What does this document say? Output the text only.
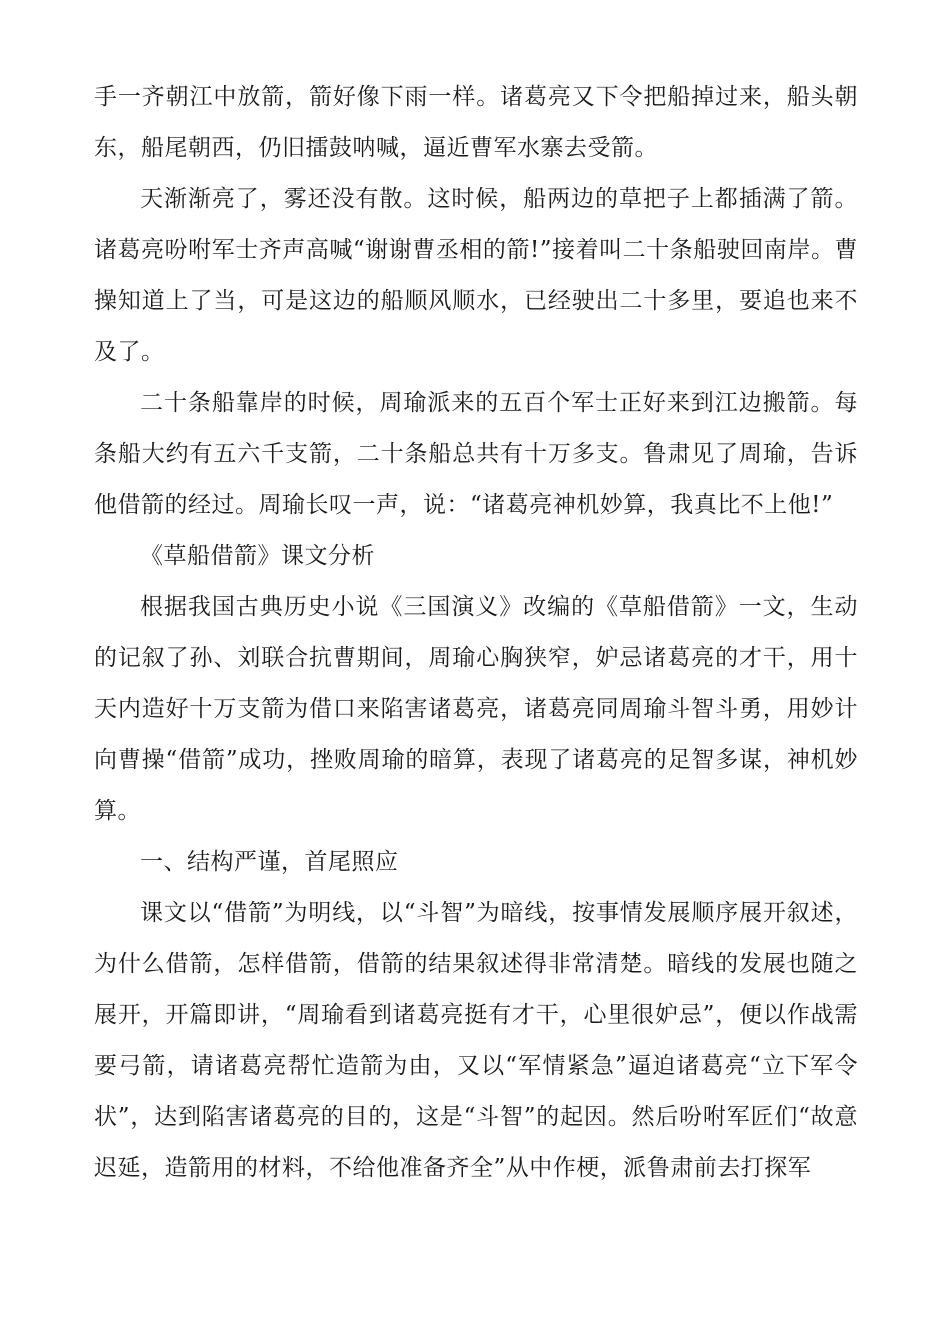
手一齐朝江中放箭，箭好像下雨一样。诸葛亮又下令把船掉过来，船头朝东，船尾朝西，仍旧擂鼓呐喊，逼近曹军水寨去受箭。

天渐渐亮了，雾还没有散。这时候，船两边的草把子上都插满了箭。诸葛亮吩咐军士齐声高喊“谢谢曹丞相的箭!”接着叫二十条船驶回南岸。曹操知道上了当，可是这边的船顺风顺水，已经驶出二十多里，要追也来不及了。

二十条船靠岸的时候，周瑜派来的五百个军士正好来到江边搬箭。每条船大约有五六千支箭，二十条船总共有十万多支。鲁肃见了周瑜，告诉他借箭的经过。周瑜长叹一声，说：“诸葛亮神机妙算，我真比不上他!”

《草船借箭》课文分析

根据我国古典历史小说《三国演义》改编的《草船借箭》一文，生动的记叙了孙、刘联合抗曹期间，周瑜心胸狭窄，妒忌诸葛亮的才干，用十天内造好十万支箭为借口来陷害诸葛亮，诸葛亮同周瑜斗智斗勇，用妙计向曹操“借箭”成功，挫败周瑜的暗算，表现了诸葛亮的足智多谋，神机妙算。

一、结构严谨，首尾照应

课文以“借箭”为明线，以“斗智”为暗线，按事情发展顺序展开叙述，为什么借箭，怎样借箭，借箭的结果叙述得非常清楚。暗线的发展也随之展开，开篇即讲，“周瑜看到诸葛亮挺有才干，心里很妒忌”，便以作战需要弓箭，请诸葛亮帮忙造箭为由，又以“军情紧急”逼迫诸葛亮“立下军令状”，达到陷害诸葛亮的目的，这是“斗智”的起因。然后吩咐军匠们“故意迟延，造箭用的材料，不给他准备齐全”从中作梗，派鲁肃前去打探军
